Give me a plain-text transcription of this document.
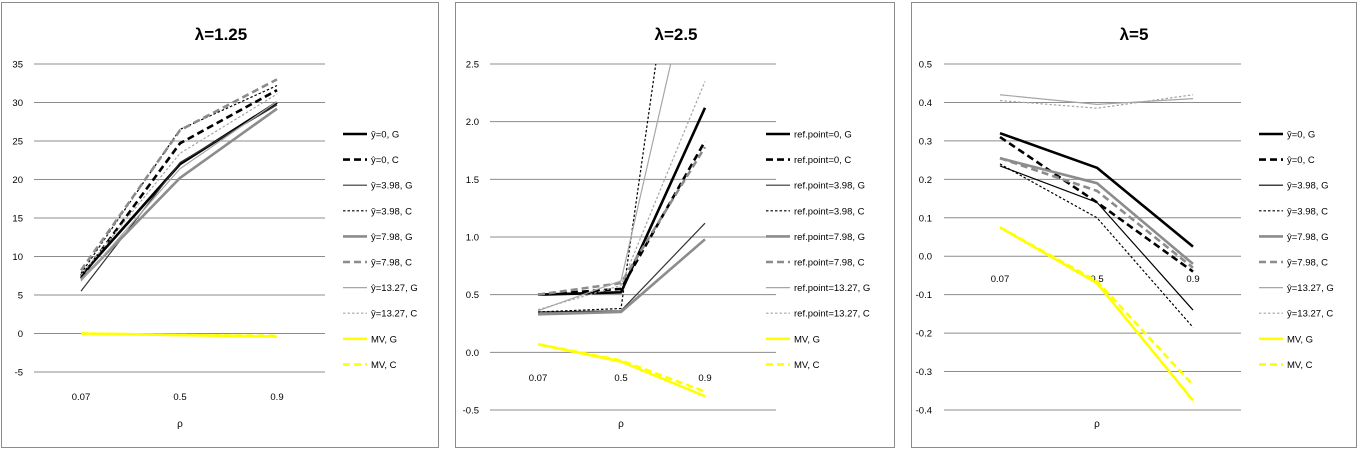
λ=1.25
-5
0
5
10
15
20
25
30
35
0.07	0.5	0.9
ρ
ŷ=0, G
ŷ=0, C
ŷ=3.98, G
ŷ=3.98, C
ŷ=7.98, G
ŷ=7.98, C
ŷ=13.27, G
ŷ=13.27, C
MV, G
MV, C
λ=2.5
-0.5
0.0
0.5
1.0
1.5
2.0
2.5
0.07	0.5	0.9
ρ
ref.point=0, G
ref.point=0, C
ref.point=3.98, G
ref.point=3.98, C
ref.point=7.98, G
ref.point=7.98, C
ref.point=13.27, G
ref.point=13.27, C
MV, G
MV, C
λ=5
-0.4
-0.3
-0.2
-0.1
0.0
0.1
0.2
0.3
0.4
0.5
0.07	0.5	0.9
ρ
ŷ=0, G
ŷ=0, C
ŷ=3.98, G
ŷ=3.98, C
ŷ=7.98, G
ŷ=7.98, C
ŷ=13.27, G
ŷ=13.27, C
MV, G
MV, C
